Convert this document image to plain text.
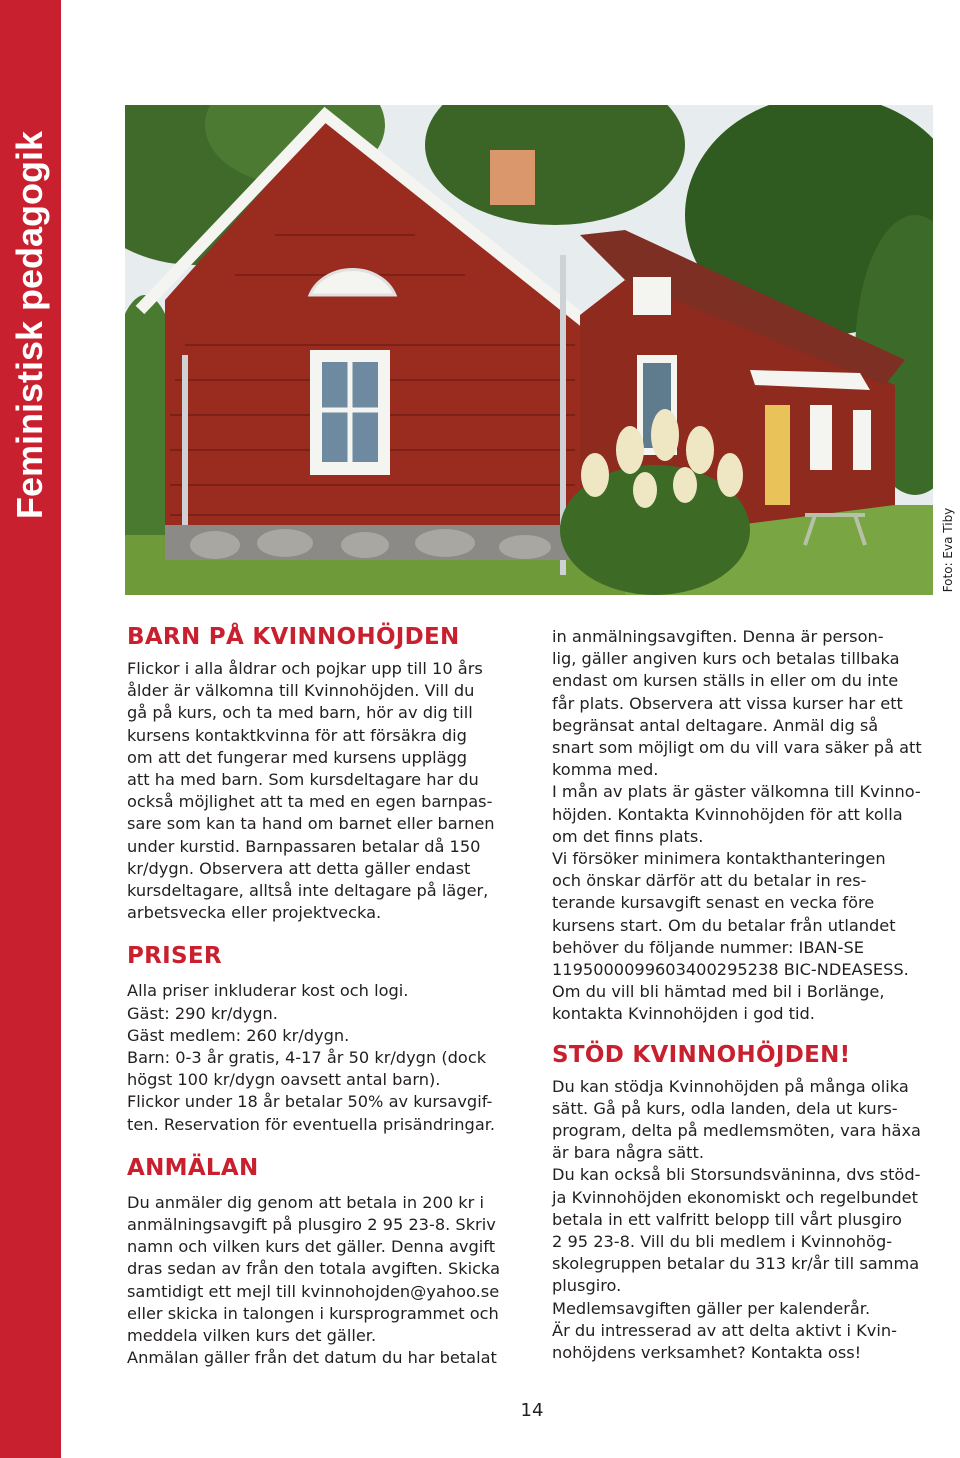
Feministisk pedagogik
Foto: Eva Tiby
BARN PÅ KVINNOHÖJDEN

Flickor i alla åldrar och pojkar upp till 10 års

ålder är välkomna till Kvinnohöjden. Vill du

gå på kurs, och ta med barn, hör av dig till

kursens kontaktkvinna för att försäkra dig

om att det fungerar med kursens upplägg

att ha med barn. Som kursdeltagare har du

också möjlighet att ta med en egen barnpas-

sare som kan ta hand om barnet eller barnen

under kurstid. Barnpassaren betalar då 150

kr/dygn. Observera att detta gäller endast

kursdeltagare, alltså inte deltagare på läger,

arbetsvecka eller projektvecka.

PRISER

Alla priser inkluderar kost och logi.

Gäst: 290 kr/dygn.

Gäst medlem: 260 kr/dygn.

Barn: 0-3 år gratis, 4-17 år 50 kr/dygn (dock

högst 100 kr/dygn oavsett antal barn).

Flickor under 18 år betalar 50% av kursavgif-

ten. Reservation för eventuella prisändringar.

ANMÄLAN

Du anmäler dig genom att betala in 200 kr i

anmälningsavgift på plusgiro 2 95 23-8. Skriv

namn och vilken kurs det gäller. Denna avgift

dras sedan av från den totala avgiften. Skicka

samtidigt ett mejl till kvinnohojden@yahoo.se

eller skicka in talongen i kursprogrammet och

meddela vilken kurs det gäller.

Anmälan gäller från det datum du har betalat

in anmälningsavgiften. Denna är person-

lig, gäller angiven kurs och betalas tillbaka

endast om kursen ställs in eller om du inte

får plats. Observera att vissa kurser har ett

begränsat antal deltagare. Anmäl dig så

snart som möjligt om du vill vara säker på att

komma med.

I mån av plats är gäster välkomna till Kvinno-

höjden. Kontakta Kvinnohöjden för att kolla

om det finns plats.

Vi försöker minimera kontakthanteringen

och önskar därför att du betalar in res-

terande kursavgift senast en vecka före

kursens start. Om du betalar från utlandet

behöver du följande nummer: IBAN-SE

1195000099603400295238 BIC-NDEASESS.

Om du vill bli hämtad med bil i Borlänge,

kontakta Kvinnohöjden i god tid.

STÖD KVINNOHÖJDEN!

Du kan stödja Kvinnohöjden på många olika

sätt. Gå på kurs, odla landen, dela ut kurs-

program, delta på medlemsmöten, vara häxa

är bara några sätt.

Du kan också bli Storsundsväninna, dvs stöd-

ja Kvinnohöjden ekonomiskt och regelbundet

betala in ett valfritt belopp till vårt plusgiro

2 95 23-8. Vill du bli medlem i Kvinnohög-

skolegruppen betalar du 313 kr/år till samma

plusgiro.

Medlemsavgiften gäller per kalenderår.

Är du intresserad av att delta aktivt i Kvin-

nohöjdens verksamhet? Kontakta oss!

14
